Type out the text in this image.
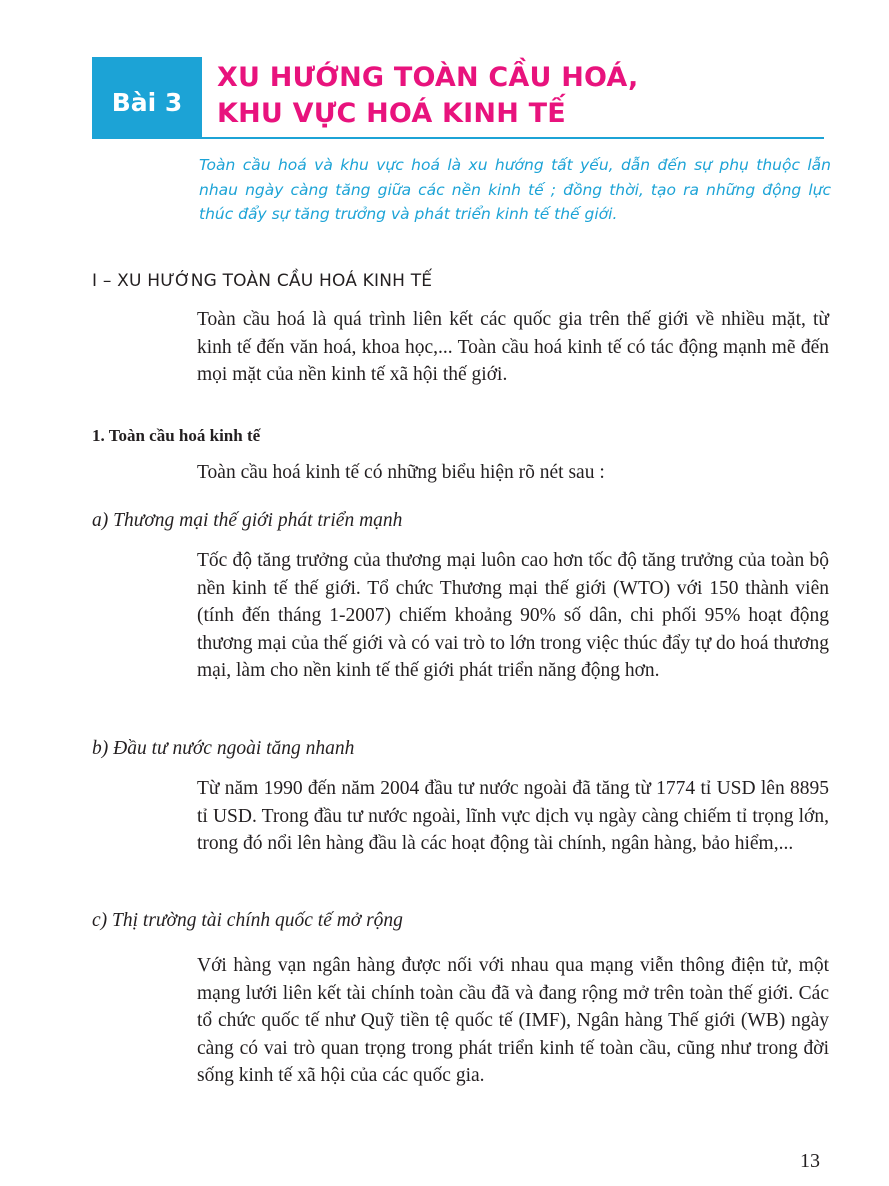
Bài 3
XU HƯỚNG TOÀN CẦU HOÁ,
KHU VỰC HOÁ KINH TẾ
Toàn cầu hoá và khu vực hoá là xu hướng tất yếu, dẫn đến sự phụ thuộc lẫn nhau ngày càng tăng giữa các nền kinh tế ; đồng thời, tạo ra những động lực thúc đẩy sự tăng trưởng và phát triển kinh tế thế giới.
I – XU HƯỚNG TOÀN CẦU HOÁ KINH TẾ
Toàn cầu hoá là quá trình liên kết các quốc gia trên thế giới về nhiều mặt, từ kinh tế đến văn hoá, khoa học,... Toàn cầu hoá kinh tế có tác động mạnh mẽ đến mọi mặt của nền kinh tế xã hội thế giới.
1. Toàn cầu hoá kinh tế
Toàn cầu hoá kinh tế có những biểu hiện rõ nét sau :
a) Thương mại thế giới phát triển mạnh
Tốc độ tăng trưởng của thương mại luôn cao hơn tốc độ tăng trưởng của toàn bộ nền kinh tế thế giới. Tổ chức Thương mại thế giới (WTO) với 150 thành viên (tính đến tháng 1-2007) chiếm khoảng 90% số dân, chi phối 95% hoạt động thương mại của thế giới và có vai trò to lớn trong việc thúc đẩy tự do hoá thương mại, làm cho nền kinh tế thế giới phát triển năng động hơn.
b) Đầu tư nước ngoài tăng nhanh
Từ năm 1990 đến năm 2004 đầu tư nước ngoài đã tăng từ 1774 tỉ USD lên 8895 tỉ USD. Trong đầu tư nước ngoài, lĩnh vực dịch vụ ngày càng chiếm tỉ trọng lớn, trong đó nổi lên hàng đầu là các hoạt động tài chính, ngân hàng, bảo hiểm,...
c) Thị trường tài chính quốc tế mở rộng
Với hàng vạn ngân hàng được nối với nhau qua mạng viễn thông điện tử, một mạng lưới liên kết tài chính toàn cầu đã và đang rộng mở trên toàn thế giới. Các tổ chức quốc tế như Quỹ tiền tệ quốc tế (IMF), Ngân hàng Thế giới (WB) ngày càng có vai trò quan trọng trong phát triển kinh tế toàn cầu, cũng như trong đời sống kinh tế xã hội của các quốc gia.
13
